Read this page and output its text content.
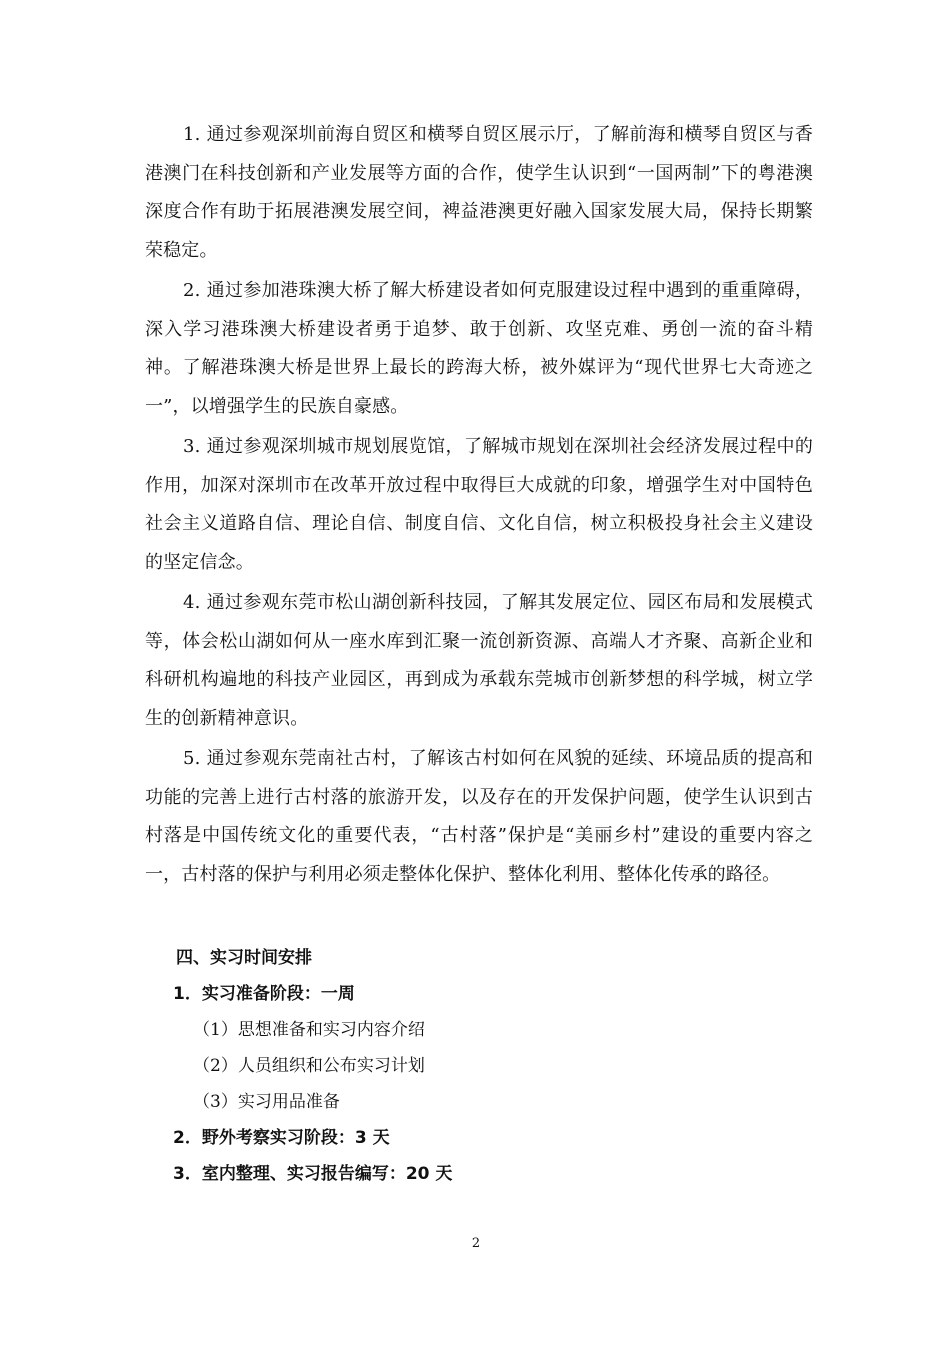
1. 通过参观深圳前海自贸区和横琴自贸区展示厅，了解前海和横琴自贸区与香港澳门在科技创新和产业发展等方面的合作，使学生认识到“一国两制”下的粤港澳深度合作有助于拓展港澳发展空间，裨益港澳更好融入国家发展大局，保持长期繁荣稳定。

2. 通过参加港珠澳大桥了解大桥建设者如何克服建设过程中遇到的重重障碍，深入学习港珠澳大桥建设者勇于追梦、敢于创新、攻坚克难、勇创一流的奋斗精神。了解港珠澳大桥是世界上最长的跨海大桥，被外媒评为“现代世界七大奇迹之一”，以增强学生的民族自豪感。

3. 通过参观深圳城市规划展览馆，了解城市规划在深圳社会经济发展过程中的作用，加深对深圳市在改革开放过程中取得巨大成就的印象，增强学生对中国特色社会主义道路自信、理论自信、制度自信、文化自信，树立积极投身社会主义建设的坚定信念。

4. 通过参观东莞市松山湖创新科技园，了解其发展定位、园区布局和发展模式等，体会松山湖如何从一座水库到汇聚一流创新资源、高端人才齐聚、高新企业和科研机构遍地的科技产业园区，再到成为承载东莞城市创新梦想的科学城，树立学生的创新精神意识。

5. 通过参观东莞南社古村，了解该古村如何在风貌的延续、环境品质的提高和功能的完善上进行古村落的旅游开发，以及存在的开发保护问题，使学生认识到古村落是中国传统文化的重要代表，“古村落”保护是“美丽乡村”建设的重要内容之一，古村落的保护与利用必须走整体化保护、整体化利用、整体化传承的路径。

四、实习时间安排

1．实习准备阶段：一周

（1）思想准备和实习内容介绍

（2）人员组织和公布实习计划

（3）实习用品准备

2．野外考察实习阶段：3 天

3．室内整理、实习报告编写：20 天

2
